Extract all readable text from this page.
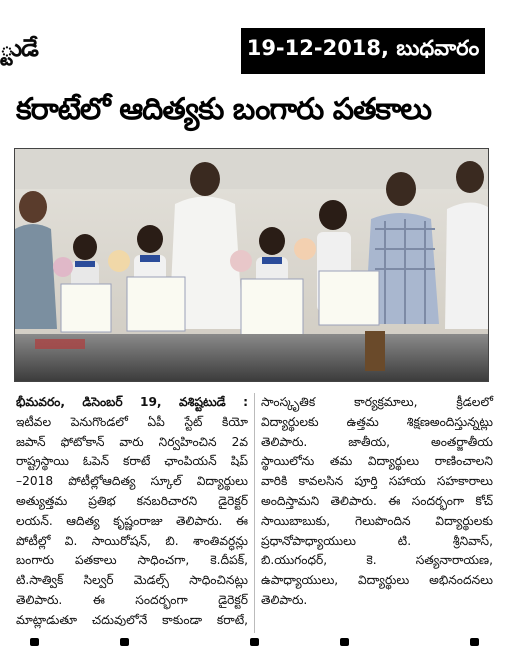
్టుడే	19-12-2018, బుధవారం
కరాటేలో ఆదిత్యకు బంగారు పతకాలు

భీమవరం, డిసెంబర్ 19, వశిష్టటుడే :

ఇటీవల పెనుగొండలో ఏపీ స్టేట్ కియో

జపాన్ ఫోటోకాన్ వారు నిర్వహించిన 2వ

రాష్ట్రస్థాయి ఓపెన్ కరాటే ఛాంపియన్ షిప్

–2018 పోటీల్లోఆదిత్య స్కూల్ విద్యార్థులు

అత్యుత్తమ ప్రతిభ కనబరిచారని డైరెక్టర్

లయన్. ఆదిత్య కృష్ణంరాజు తెలిపారు. ఈ

పోటీల్లో వి. సాయిరోషన్, బి. శాంతివర్ధన్లు

బంగారు పతకాలు సాధించగా, కె.దీపక్,

టి.సాత్విక్ సిల్వర్ మెడల్స్ సాధించినట్లు

తెలిపారు. ఈ సందర్భంగా డైరెక్టర్

మాట్లాడుతూ చదువులోనే కాకుండా కరాటే,

సాంస్కృతిక కార్యక్రమాలు, క్రీడలలో

విద్యార్థులకు ఉత్తమ శిక్షణఅందిస్తున్నట్లు

తెలిపారు. జాతీయ, అంతర్జాతీయ

స్థాయిలోను తమ విద్యార్థులు రాణించాలని

వారికి కావలసిన పూర్తి సహాయ సహకారాలు

అందిస్తామని తెలిపారు. ఈ సందర్భంగా కోచ్

సాయిబాబుకు, గెలుపొందిన విద్యార్థులకు

ప్రధానోపాధ్యాయులు టి. శ్రీనివాస్,

బి.యుగంధర్, కె. సత్యనారాయణ,

ఉపాధ్యాయులు, విద్యార్థులు అభినందనలు

తెలిపారు.
